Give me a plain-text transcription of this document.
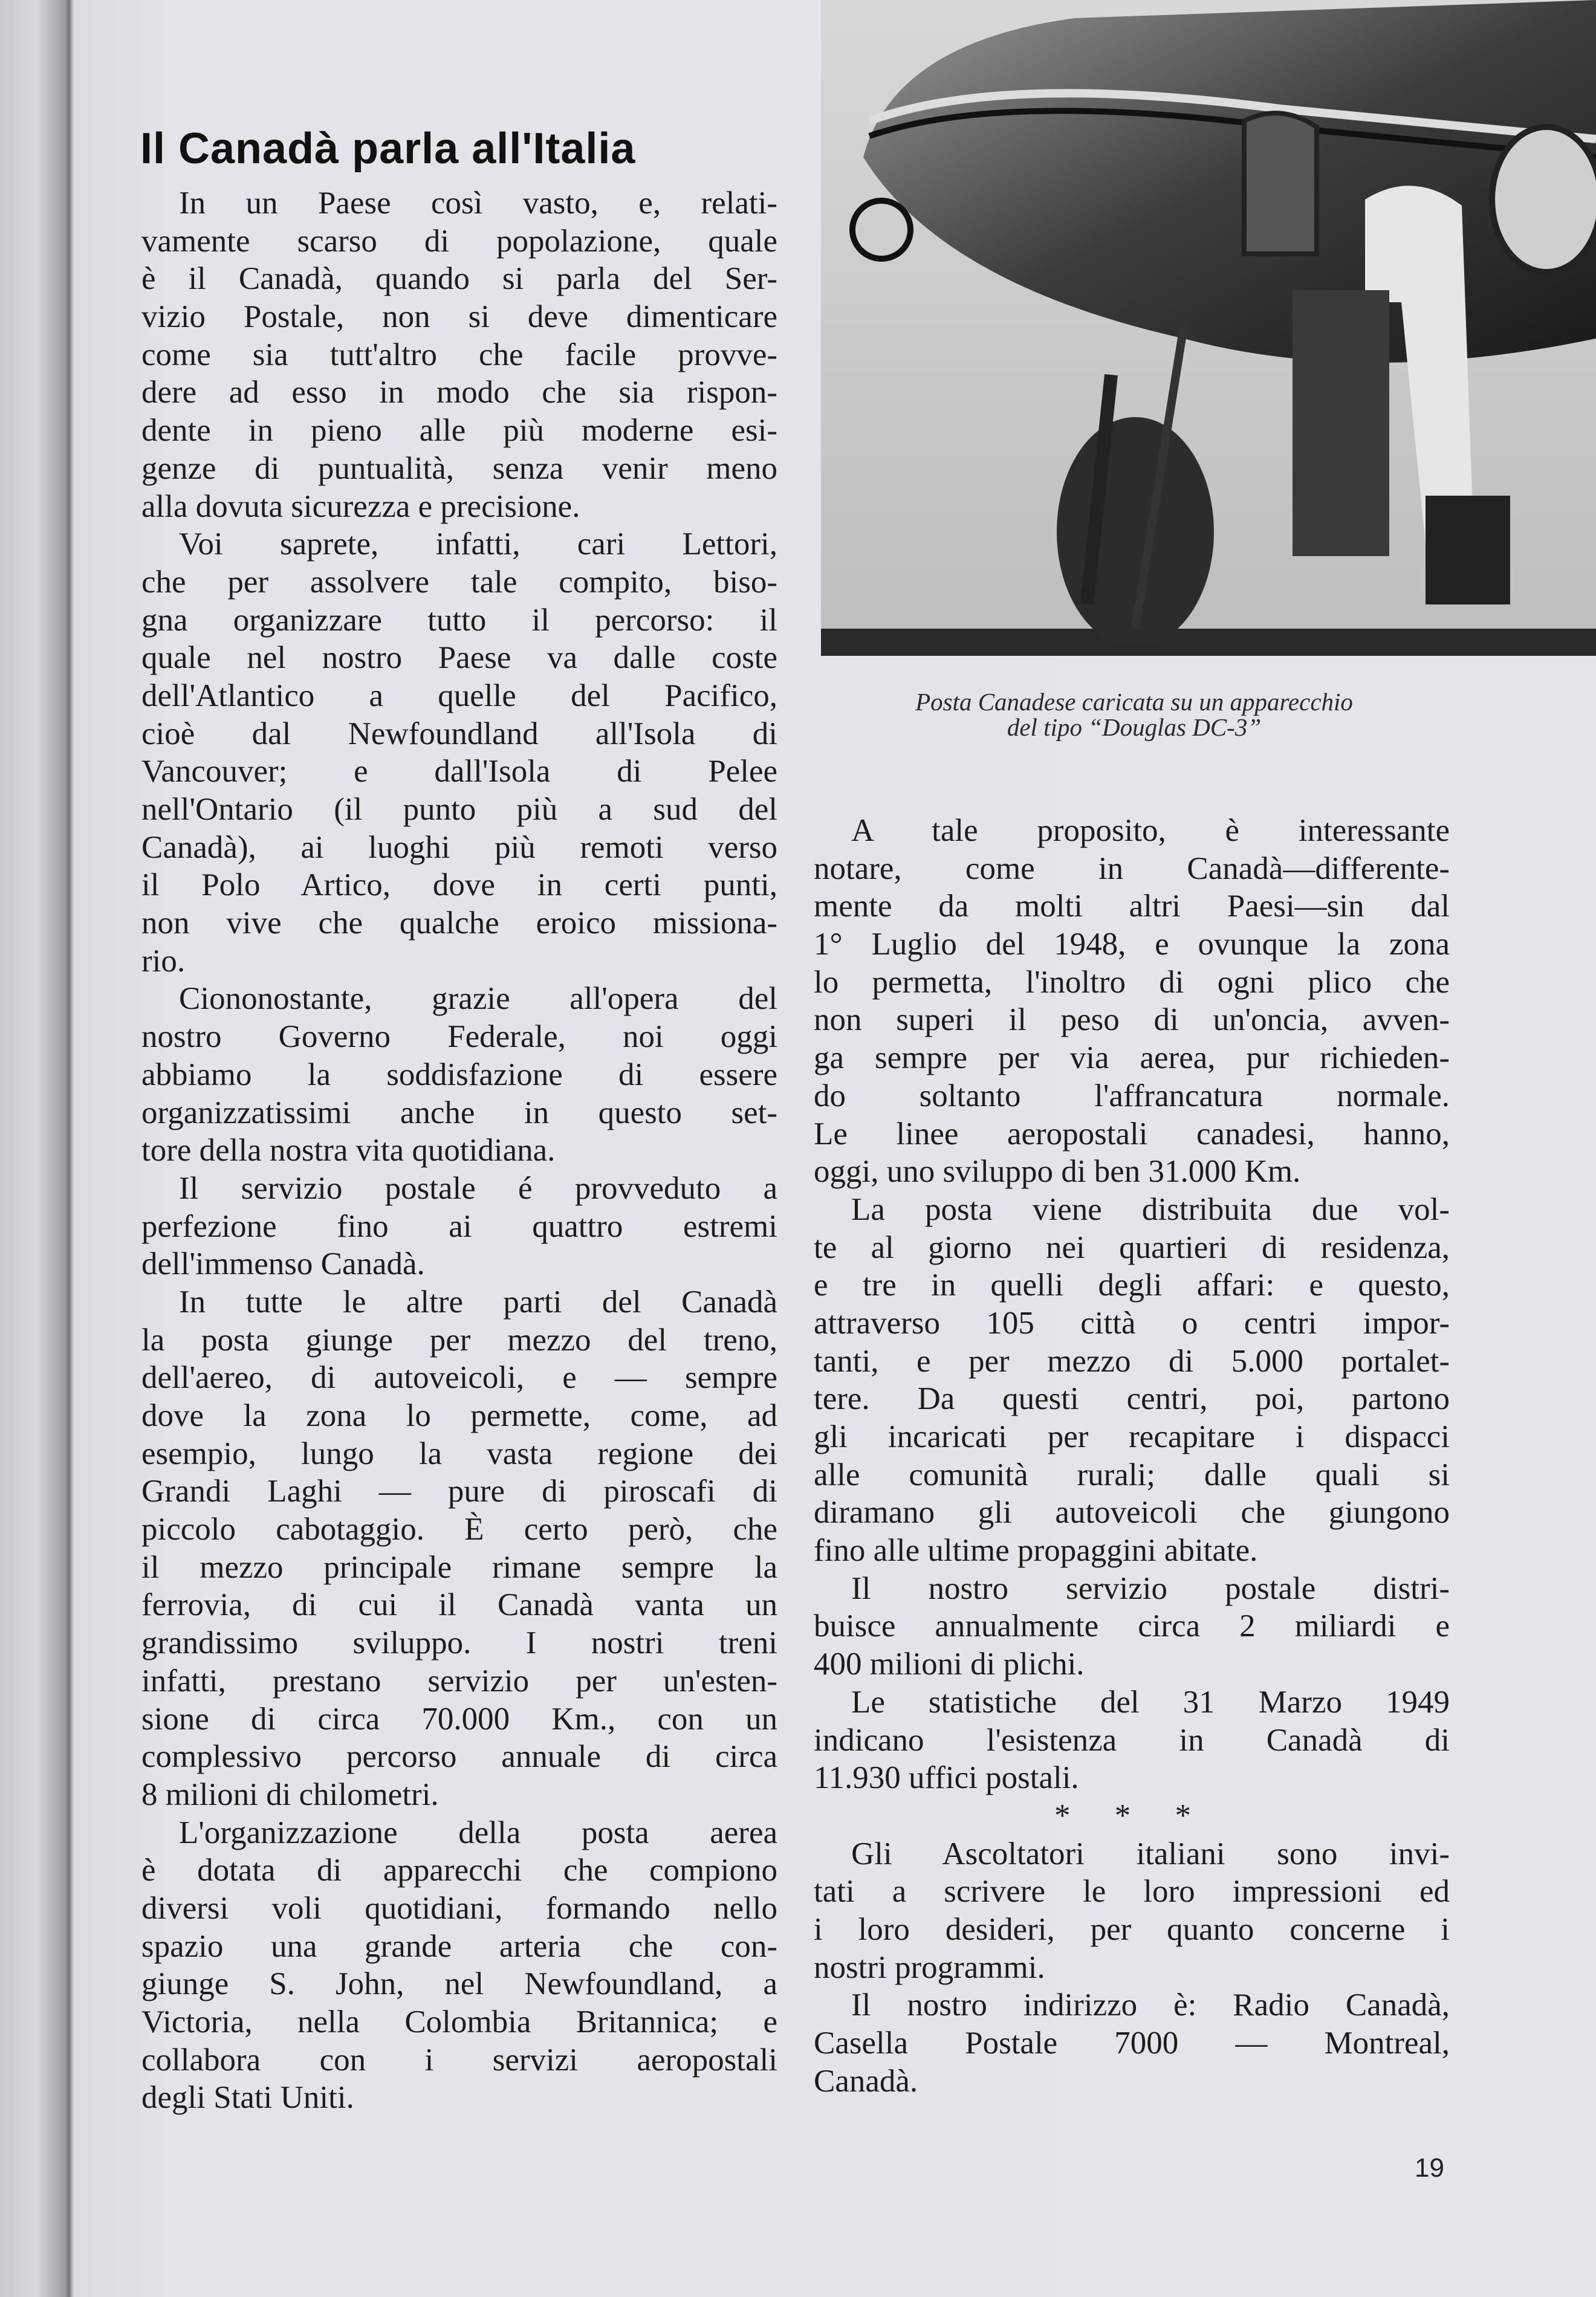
Il Canadà parla all'Italia
In un Paese così vasto, e, relati-
vamente scarso di popolazione, quale
è il Canadà, quando si parla del Ser-
vizio Postale, non si deve dimenticare
come sia tutt'altro che facile provve-
dere ad esso in modo che sia rispon-
dente in pieno alle più moderne esi-
genze di puntualità, senza venir meno
alla dovuta sicurezza e precisione.
Voi saprete, infatti, cari Lettori,
che per assolvere tale compito, biso-
gna organizzare tutto il percorso: il
quale nel nostro Paese va dalle coste
dell'Atlantico a quelle del Pacifico,
cioè dal Newfoundland all'Isola di
Vancouver; e dall'Isola di Pelee
nell'Ontario (il punto più a sud del
Canadà), ai luoghi più remoti verso
il Polo Artico, dove in certi punti,
non vive che qualche eroico missiona-
rio.
Ciononostante, grazie all'opera del
nostro Governo Federale, noi oggi
abbiamo la soddisfazione di essere
organizzatissimi anche in questo set-
tore della nostra vita quotidiana.
Il servizio postale é provveduto a
perfezione fino ai quattro estremi
dell'immenso Canadà.
In tutte le altre parti del Canadà
la posta giunge per mezzo del treno,
dell'aereo, di autoveicoli, e — sempre
dove la zona lo permette, come, ad
esempio, lungo la vasta regione dei
Grandi Laghi — pure di piroscafi di
piccolo cabotaggio. È certo però, che
il mezzo principale rimane sempre la
ferrovia, di cui il Canadà vanta un
grandissimo sviluppo. I nostri treni
infatti, prestano servizio per un'esten-
sione di circa 70.000 Km., con un
complessivo percorso annuale di circa
8 milioni di chilometri.
L'organizzazione della posta aerea
è dotata di apparecchi che compiono
diversi voli quotidiani, formando nello
spazio una grande arteria che con-
giunge S. John, nel Newfoundland, a
Victoria, nella Colombia Britannica; e
collabora con i servizi aeropostali
degli Stati Uniti.
Posta Canadese caricata su un apparecchio
del tipo “Douglas DC-3”
A tale proposito, è interessante
notare, come in Canadà—differente-
mente da molti altri Paesi—sin dal
1° Luglio del 1948, e ovunque la zona
lo permetta, l'inoltro di ogni plico che
non superi il peso di un'oncia, avven-
ga sempre per via aerea, pur richieden-
do soltanto l'affrancatura normale.
Le linee aeropostali canadesi, hanno,
oggi, uno sviluppo di ben 31.000 Km.
La posta viene distribuita due vol-
te al giorno nei quartieri di residenza,
e tre in quelli degli affari: e questo,
attraverso 105 città o centri impor-
tanti, e per mezzo di 5.000 portalet-
tere. Da questi centri, poi, partono
gli incaricati per recapitare i dispacci
alle comunità rurali; dalle quali si
diramano gli autoveicoli che giungono
fino alle ultime propaggini abitate.
Il nostro servizio postale distri-
buisce annualmente circa 2 miliardi e
400 milioni di plichi.
Le statistiche del 31 Marzo 1949
indicano l'esistenza in Canadà di
11.930 uffici postali.
* * *
Gli Ascoltatori italiani sono invi-
tati a scrivere le loro impressioni ed
i loro desideri, per quanto concerne i
nostri programmi.
Il nostro indirizzo è: Radio Canadà,
Casella Postale 7000 — Montreal,
Canadà.
19
